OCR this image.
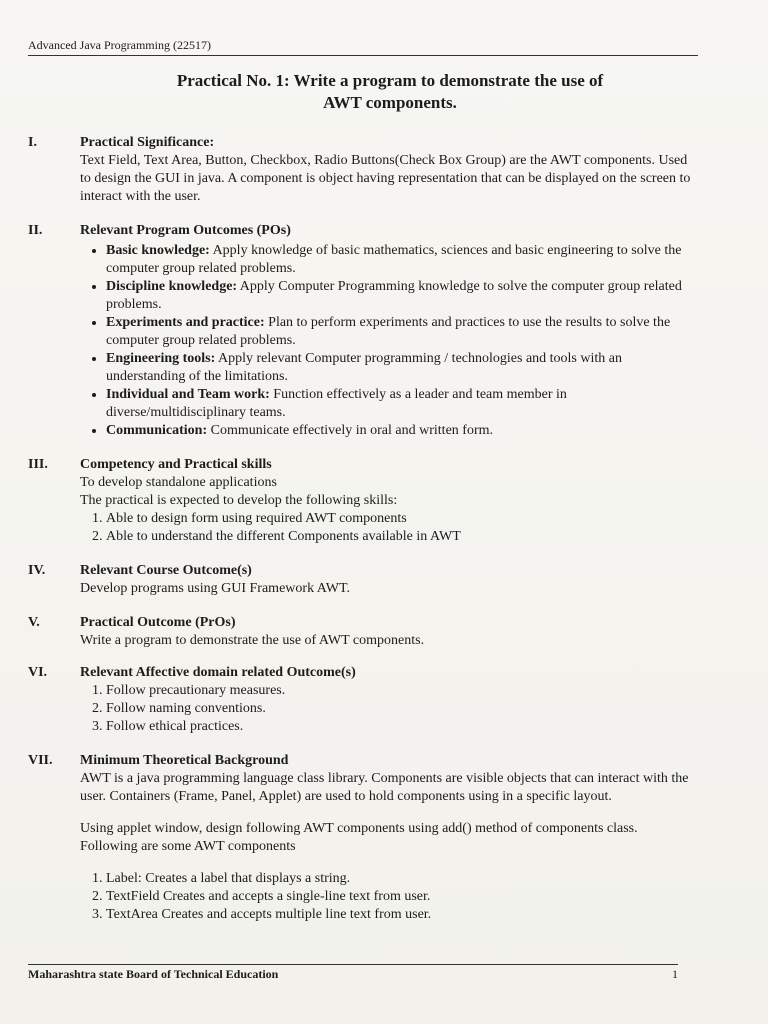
Advanced Java Programming (22517)
Practical No. 1: Write a program to demonstrate the use of
AWT components.
I.	Practical Significance:

Text Field, Text Area, Button, Checkbox, Radio Buttons(Check Box Group) are the AWT components. Used to design the GUI in java. A component is object having representation that can be displayed on the screen to interact with the user.

II.	Relevant Program Outcomes (POs)
• Basic knowledge: Apply knowledge of basic mathematics, sciences and basic engineering to solve the computer group related problems.
• Discipline knowledge: Apply Computer Programming knowledge to solve the computer group related problems.
• Experiments and practice: Plan to perform experiments and practices to use the results to solve the computer group related problems.
• Engineering tools: Apply relevant Computer programming / technologies and tools with an understanding of the limitations.
• Individual and Team work: Function effectively as a leader and team member in diverse/multidisciplinary teams.
• Communication: Communicate effectively in oral and written form.
III.	Competency and Practical skills

To develop standalone applications

The practical is expected to develop the following skills:

1. Able to design form using required AWT components
2. Able to understand the different Components available in AWT
IV.	Relevant Course Outcome(s)

Develop programs using GUI Framework AWT.

V.	Practical Outcome (PrOs)

Write a program to demonstrate the use of AWT components.

VI.	Relevant Affective domain related Outcome(s)
1. Follow precautionary measures.
2. Follow naming conventions.
3. Follow ethical practices.
VII.	Minimum Theoretical Background

AWT is a java programming language class library. Components are visible objects that can interact with the user. Containers (Frame, Panel, Applet) are used to hold components using in a specific layout.

Using applet window, design following AWT components using add() method of components class. Following are some AWT components

1. Label: Creates a label that displays a string.
2. TextField Creates and accepts a single-line text from user.
3. TextArea Creates and accepts multiple line text from user.
Maharashtra state Board of Technical Education	1
